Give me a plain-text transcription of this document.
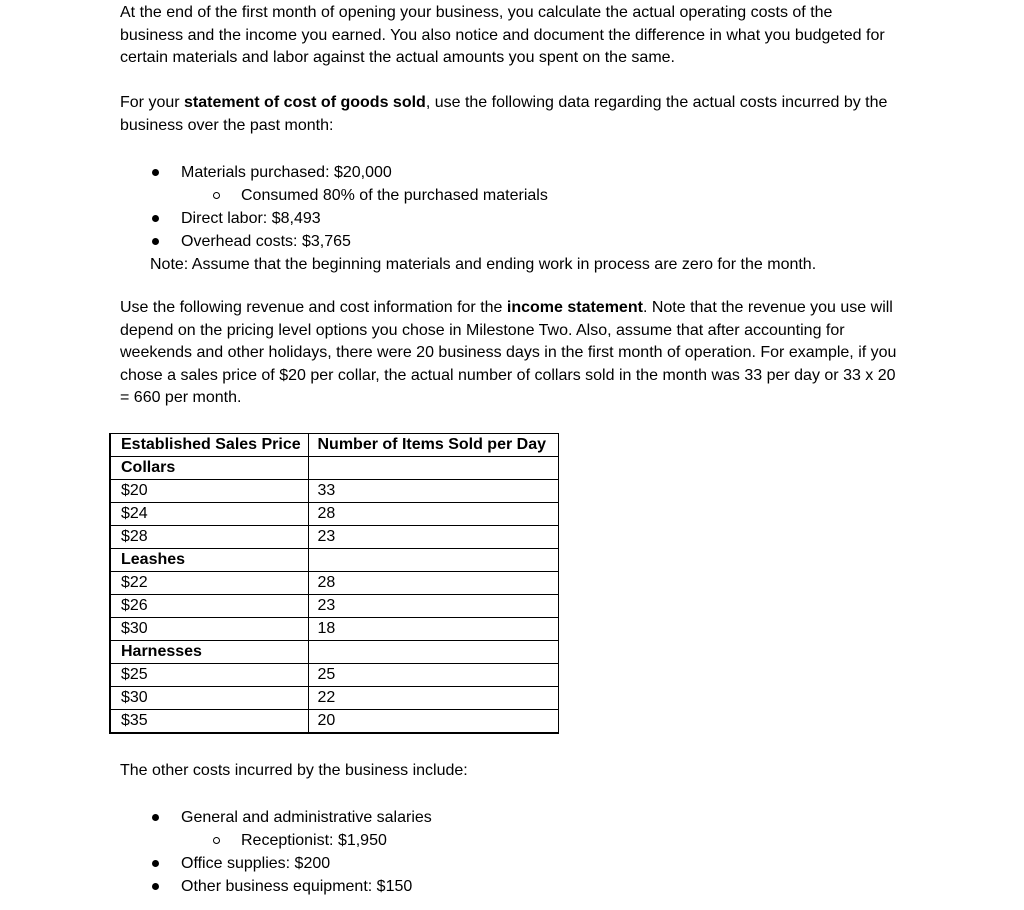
At the end of the first month of opening your business, you calculate the actual operating costs of the business and the income you earned. You also notice and document the difference in what you budgeted for certain materials and labor against the actual amounts you spent on the same.

For your statement of cost of goods sold, use the following data regarding the actual costs incurred by the business over the past month:

Materials purchased: $20,000
Consumed 80% of the purchased materials
Direct labor: $8,493
Overhead costs: $3,765

Note: Assume that the beginning materials and ending work in process are zero for the month.

Use the following revenue and cost information for the income statement. Note that the revenue you use will depend on the pricing level options you chose in Milestone Two. Also, assume that after accounting for weekends and other holidays, there were 20 business days in the first month of operation. For example, if you chose a sales price of $20 per collar, the actual number of collars sold in the month was 33 per day or 33 x 20 = 660 per month.

Established Sales Price	Number of Items Sold per Day
Collars	
$20	33
$24	28
$28	23
Leashes	
$22	28
$26	23
$30	18
Harnesses	
$25	25
$30	22
$35	20

The other costs incurred by the business include:

General and administrative salaries
Receptionist: $1,950
Office supplies: $200
Other business equipment: $150
